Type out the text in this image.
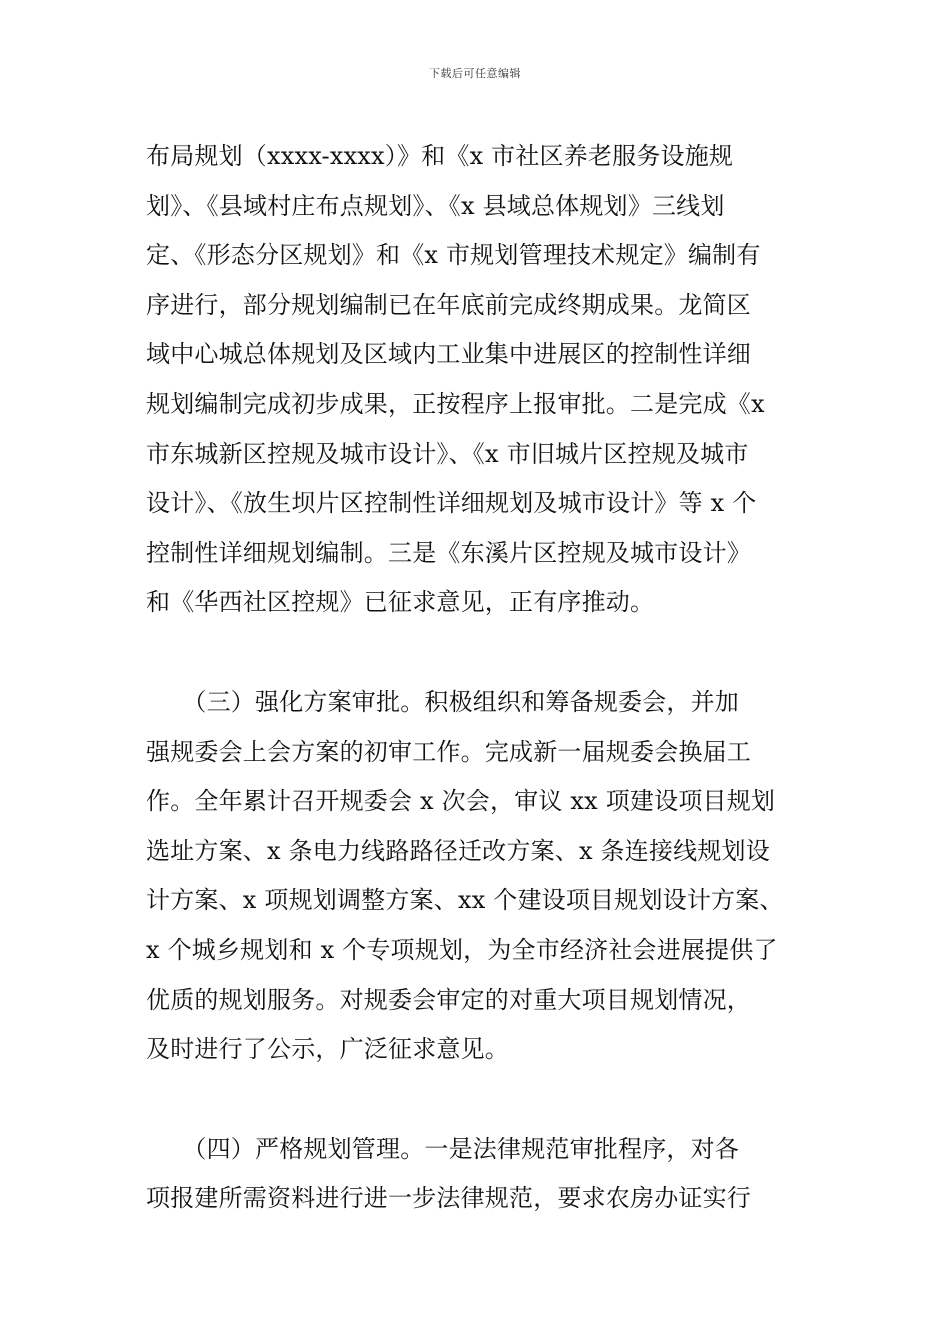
下载后可任意编辑
布局规划（xxxx-xxxx）》和《x 市社区养老服务设施规
划》、《县域村庄布点规划》、《x 县域总体规划》三线划
定、《形态分区规划》和《x 市规划管理技术规定》编制有
序进行，部分规划编制已在年底前完成终期成果。龙简区
域中心城总体规划及区域内工业集中进展区的控制性详细
规划编制完成初步成果，正按程序上报审批。二是完成《x
市东城新区控规及城市设计》、《x 市旧城片区控规及城市
设计》、《放生坝片区控制性详细规划及城市设计》等 x 个
控制性详细规划编制。三是《东溪片区控规及城市设计》
和《华西社区控规》已征求意见，正有序推动。
　　（三）强化方案审批。积极组织和筹备规委会，并加
强规委会上会方案的初审工作。完成新一届规委会换届工
作。全年累计召开规委会 x 次会，审议 xx 项建设项目规划
选址方案、x 条电力线路路径迁改方案、x 条连接线规划设
计方案、x 项规划调整方案、xx 个建设项目规划设计方案、
x 个城乡规划和 x 个专项规划，为全市经济社会进展提供了
优质的规划服务。对规委会审定的对重大项目规划情况，
及时进行了公示，广泛征求意见。
　　（四）严格规划管理。一是法律规范审批程序，对各
项报建所需资料进行进一步法律规范，要求农房办证实行
